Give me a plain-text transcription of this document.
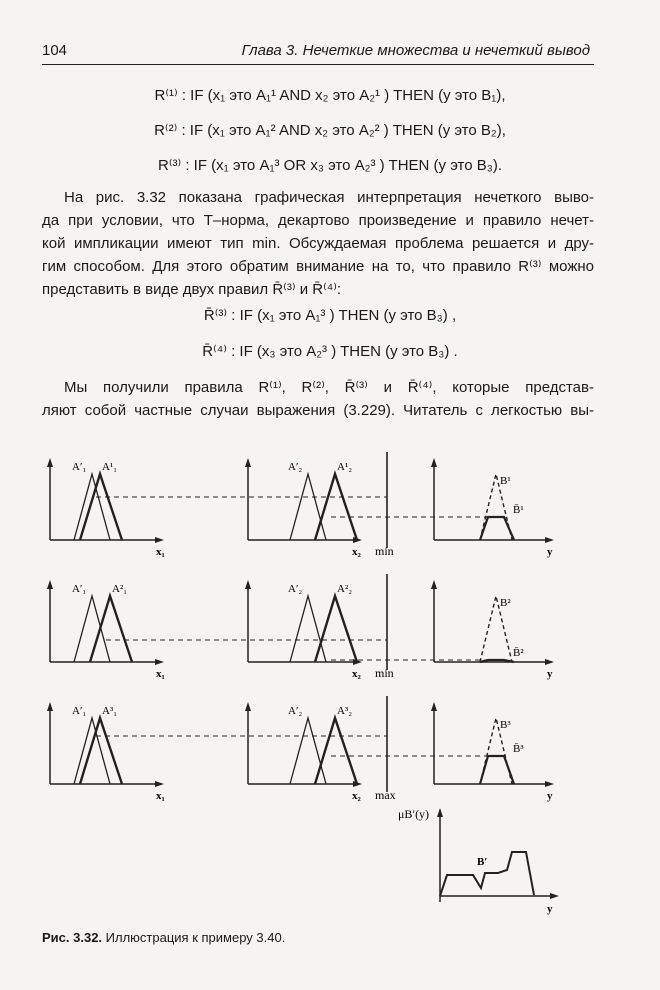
104	Глава 3. Нечеткие множества и нечеткий вывод
R⁽¹⁾ : IF (x₁ это A₁¹ AND x₂ это A₂¹ ) THEN (y это B₁),
R⁽²⁾ : IF (x₁ это A₁² AND x₂ это A₂² ) THEN (y это B₂),
R⁽³⁾ : IF (x₁ это A₁³ OR x₃ это A₂³ ) THEN (y это B₃).
На рис. 3.32 показана графическая интерпретация нечеткого выво-
да при условии, что T–норма, декартово произведение и правило нечет-
кой импликации имеют тип min. Обсуждаемая проблема решается и дру-
гим способом. Для этого обратим внимание на то, что правило R⁽³⁾ можно
представить в виде двух правил R̄⁽³⁾ и R̄⁽⁴⁾:
R̄⁽³⁾ : IF (x₁ это A₁³ ) THEN (y это B₃) ,
R̄⁽⁴⁾ : IF (x₃ это A₂³ ) THEN (y это B₃) .
Мы получили правила R⁽¹⁾, R⁽²⁾, R̄⁽³⁾ и R̄⁽⁴⁾, которые представ-
ляют собой частные случаи выражения (3.229). Читатель с легкостью вы-
A′₁ A¹₁
x₁
A′₂	A¹₂
x₂ min
B¹
B̄¹
y
A′₁ A²₁
x₁
A′₂	A²₂
x₂ min
B²
B̄²
y
A′₁ A³₁
x₁
A′₂	A³₂
x₂ max
B³
B̄³
y
μB′(y)
B′
y
Рис. 3.32. Иллюстрация к примеру 3.40.
